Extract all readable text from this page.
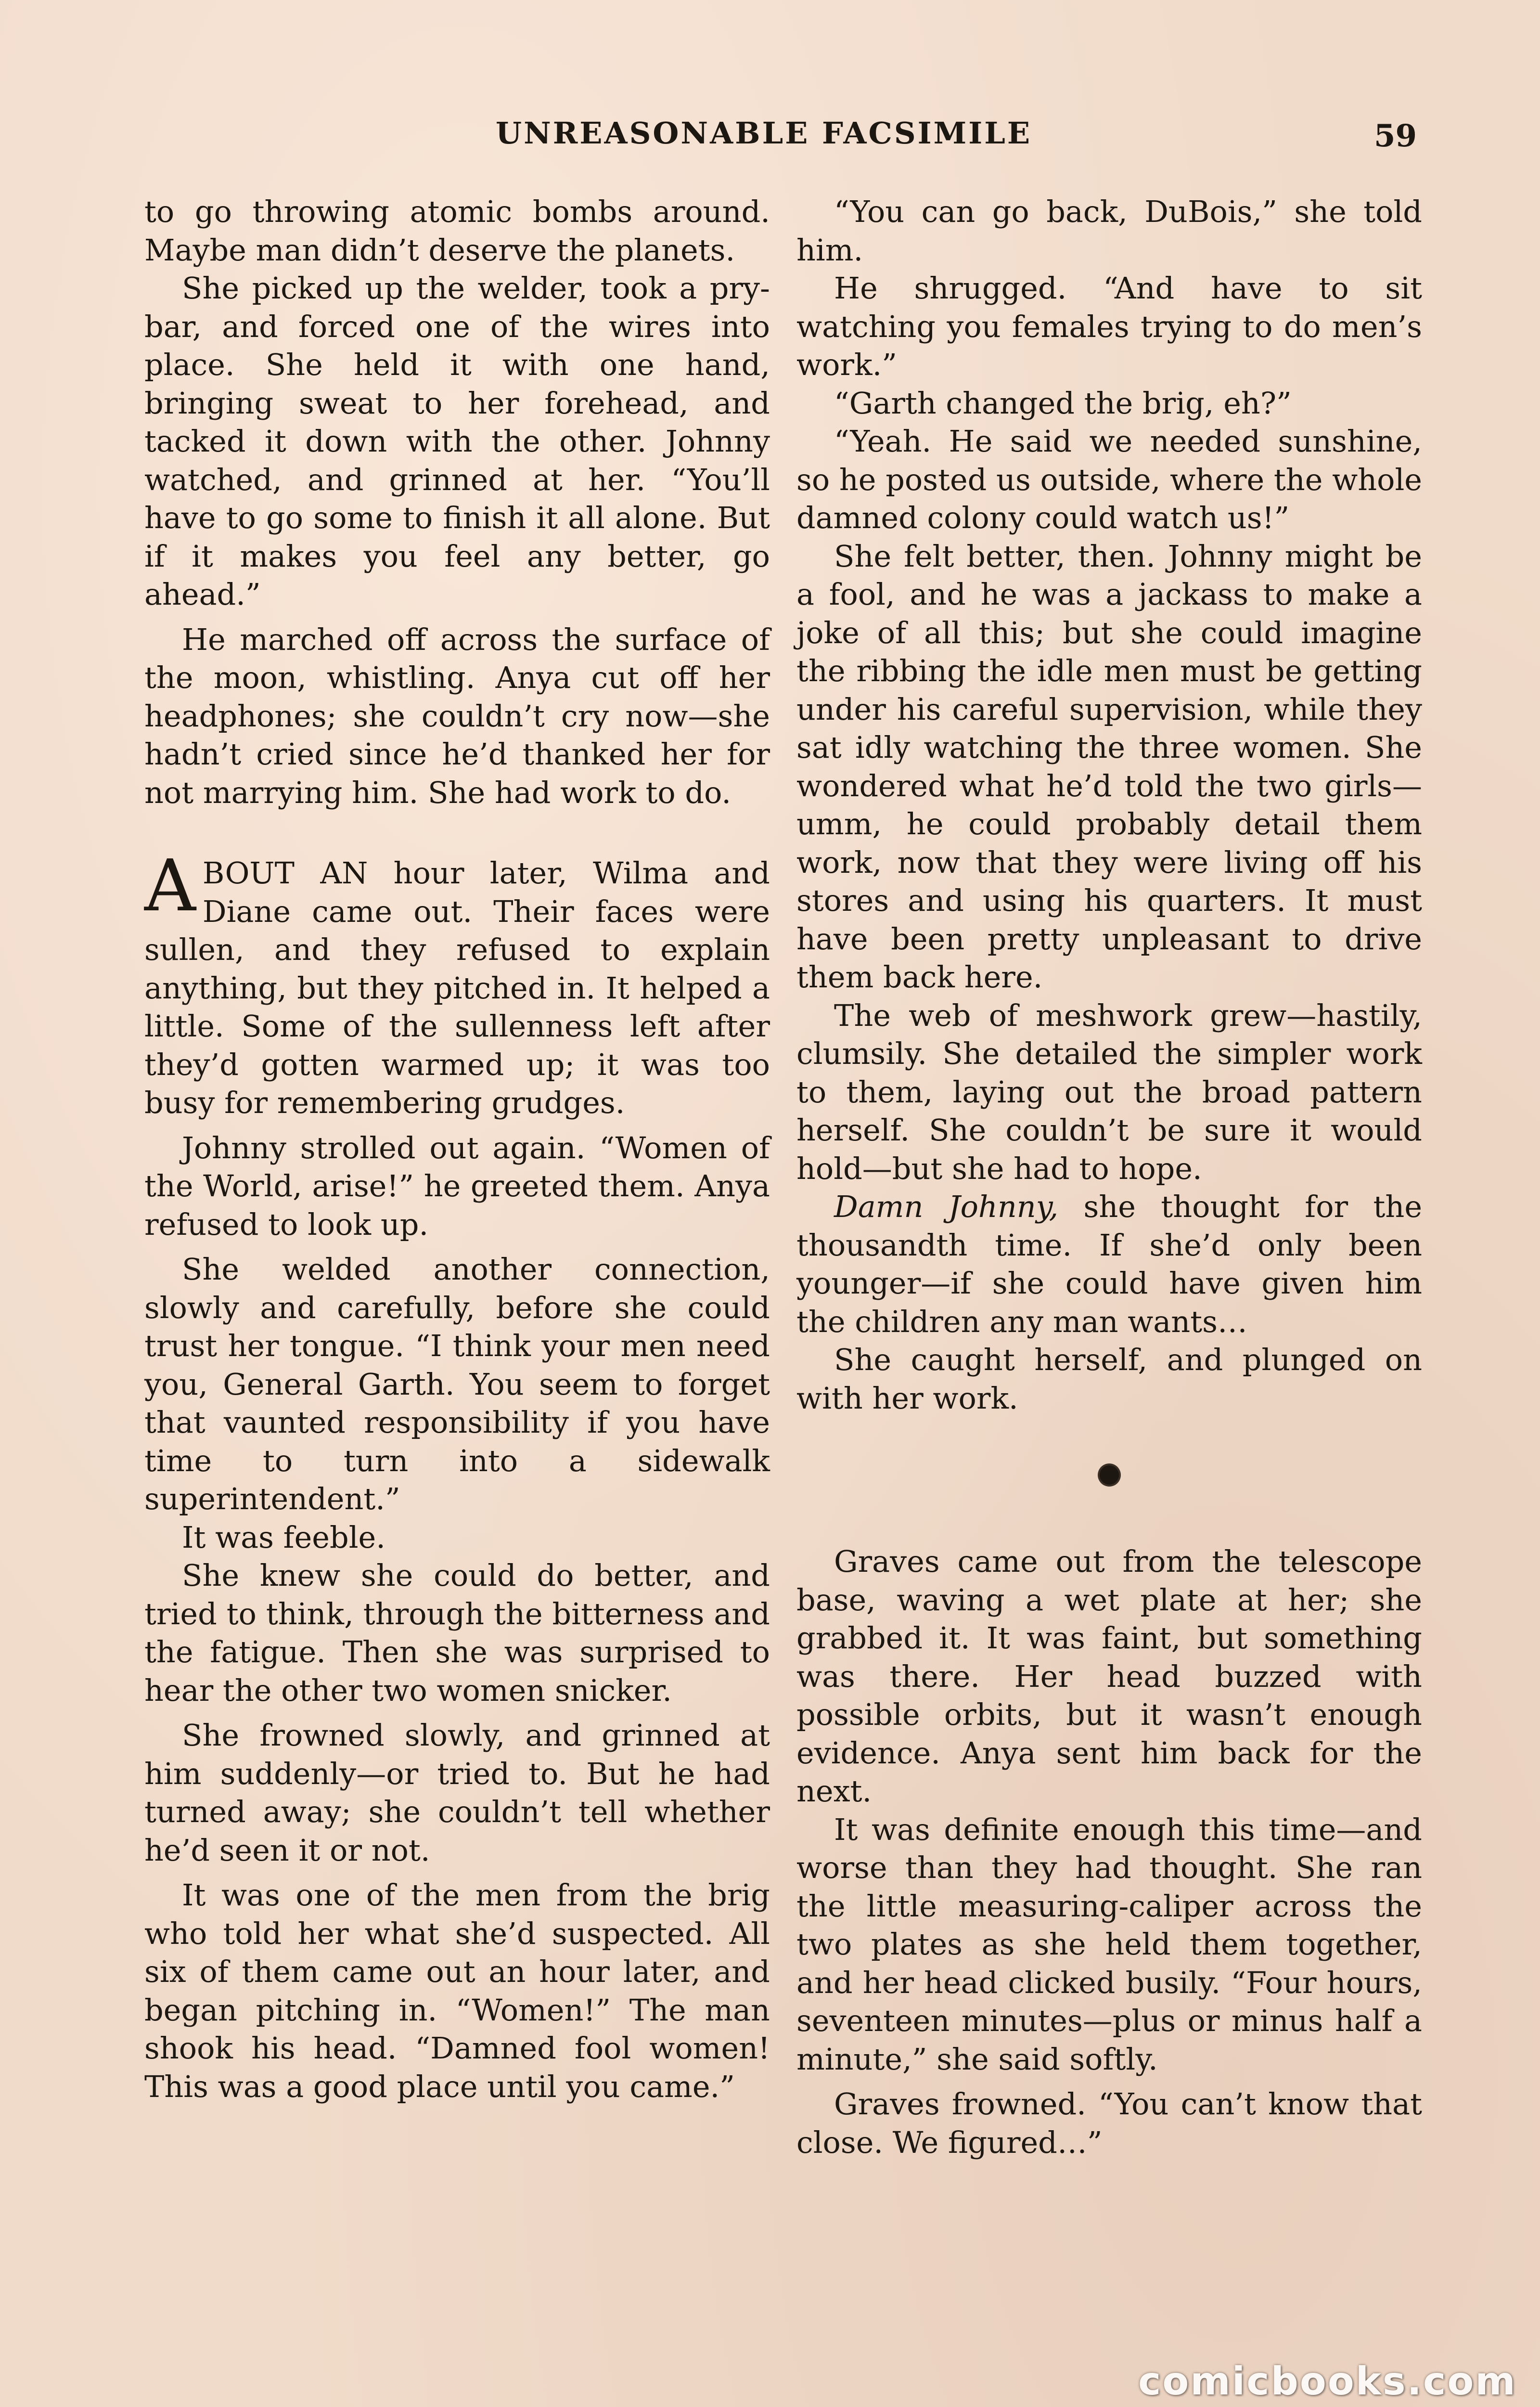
UNREASONABLE FACSIMILE	59

to go throwing atomic bombs around. Maybe man didn’t deserve the planets.

She picked up the welder, took a pry-bar, and forced one of the wires into place. She held it with one hand, bringing sweat to her forehead, and tacked it down with the other. Johnny watched, and grinned at her. “You’ll have to go some to finish it all alone. But if it makes you feel any better, go ahead.”

He marched off across the surface of the moon, whistling. Anya cut off her headphones; she couldn’t cry now—she hadn’t cried since he’d thanked her for not marrying him. She had work to do.

ABOUT AN hour later, Wilma and Diane came out. Their faces were sullen, and they refused to explain anything, but they pitched in. It helped a little. Some of the sullenness left after they’d gotten warmed up; it was too busy for remembering grudges.

Johnny strolled out again. “Women of the World, arise!” he greeted them. Anya refused to look up.

She welded another connection, slowly and carefully, before she could trust her tongue. “I think your men need you, General Garth. You seem to forget that vaunted responsibility if you have time to turn into a sidewalk superintendent.”

It was feeble.

She knew she could do better, and tried to think, through the bitterness and the fatigue. Then she was surprised to hear the other two women snicker.

She frowned slowly, and grinned at him suddenly—or tried to. But he had turned away; she couldn’t tell whether he’d seen it or not.

It was one of the men from the brig who told her what she’d suspected. All six of them came out an hour later, and began pitching in. “Women!” The man shook his head. “Damned fool women! This was a good place until you came.”

“You can go back, DuBois,” she told him.

He shrugged. “And have to sit watching you females trying to do men’s work.”

“Garth changed the brig, eh?”

“Yeah. He said we needed sunshine, so he posted us outside, where the whole damned colony could watch us!”

She felt better, then. Johnny might be a fool, and he was a jackass to make a joke of all this; but she could imagine the ribbing the idle men must be getting under his careful supervision, while they sat idly watching the three women. She wondered what he’d told the two girls—umm, he could probably detail them work, now that they were living off his stores and using his quarters. It must have been pretty unpleasant to drive them back here.

The web of meshwork grew—hastily, clumsily. She detailed the simpler work to them, laying out the broad pattern herself. She couldn’t be sure it would hold—but she had to hope.

Damn Johnny, she thought for the thousandth time. If she’d only been younger—if she could have given him the children any man wants…

She caught herself, and plunged on with her work.

Graves came out from the telescope base, waving a wet plate at her; she grabbed it. It was faint, but something was there. Her head buzzed with possible orbits, but it wasn’t enough evidence. Anya sent him back for the next.

It was definite enough this time—and worse than they had thought. She ran the little measuring-caliper across the two plates as she held them together, and her head clicked busily. “Four hours, seventeen minutes—plus or minus half a minute,” she said softly.

Graves frowned. “You can’t know that close. We figured…”

comicbooks.com
